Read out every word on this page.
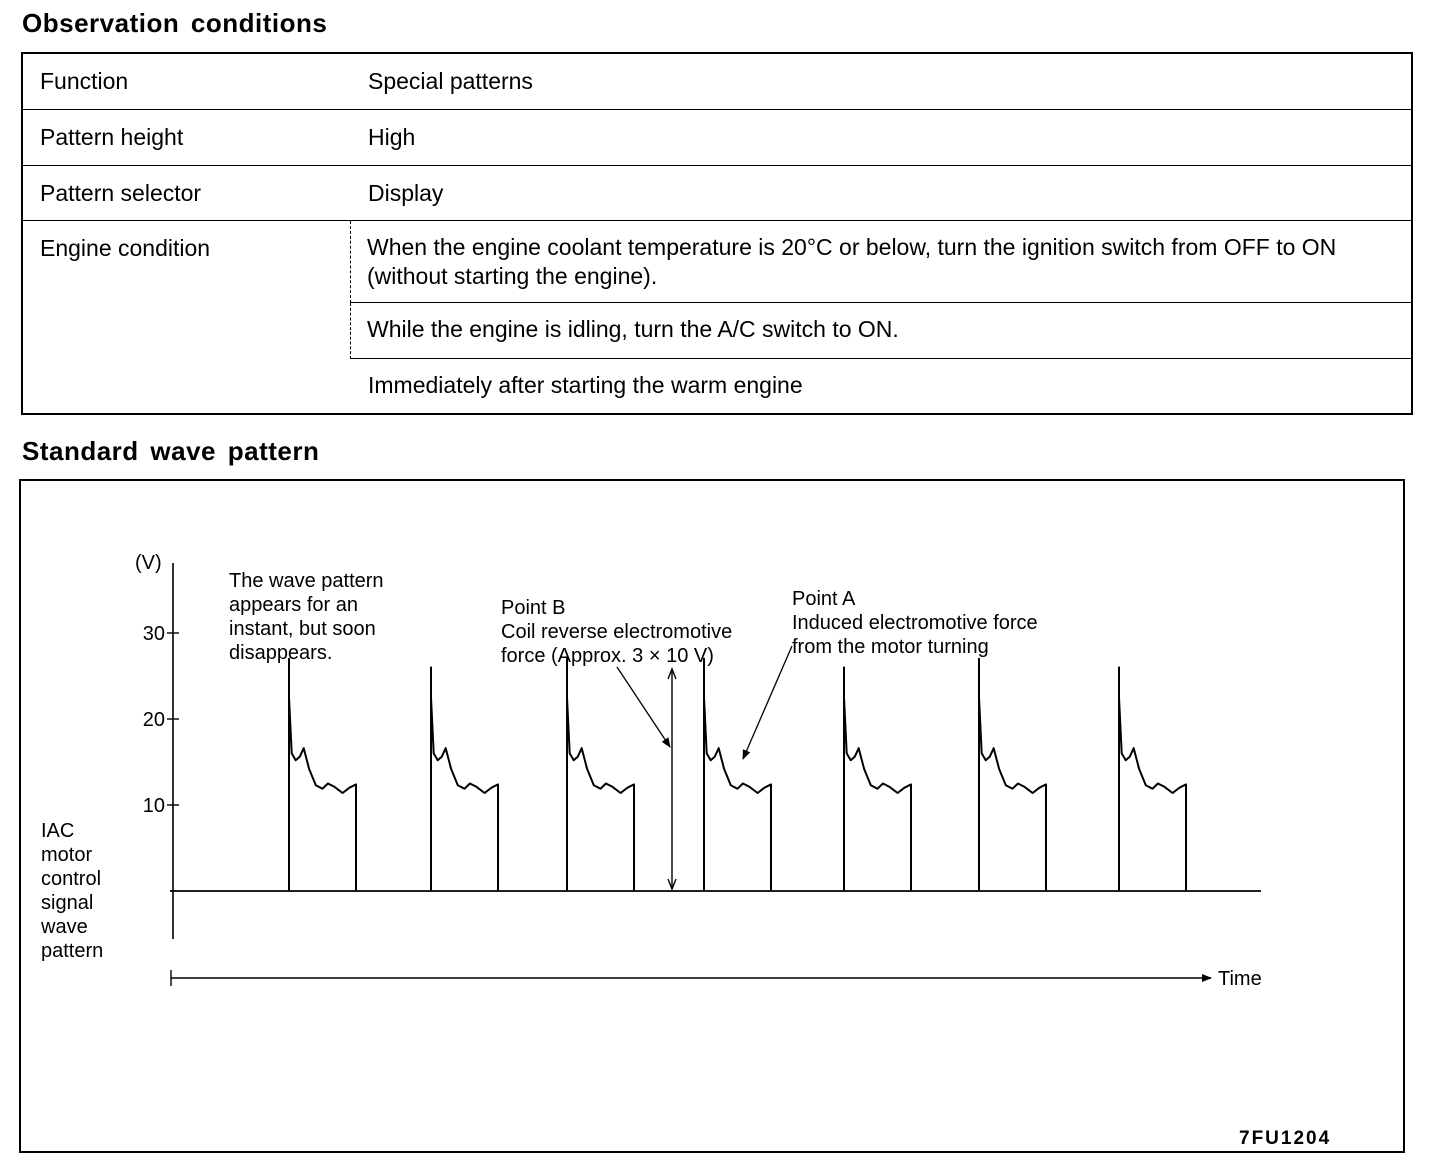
Observation conditions
Function	Special patterns
Pattern height	High
Pattern selector	Display
Engine condition	When the engine coolant temperature is 20°C or below, turn the ignition switch from OFF to ON (without starting the engine).
While the engine is idling, turn the A/C switch to ON.
Immediately after starting the warm engine
Standard wave pattern
(V)
30
20
10
The wave pattern
appears for an
instant, but soon
disappears.
Point B
Coil reverse electromotive
force (Approx. 3 × 10 V)
Point A
Induced electromotive force
from the motor turning
IAC
motor
control
signal
wave
pattern
Time
7FU1204
